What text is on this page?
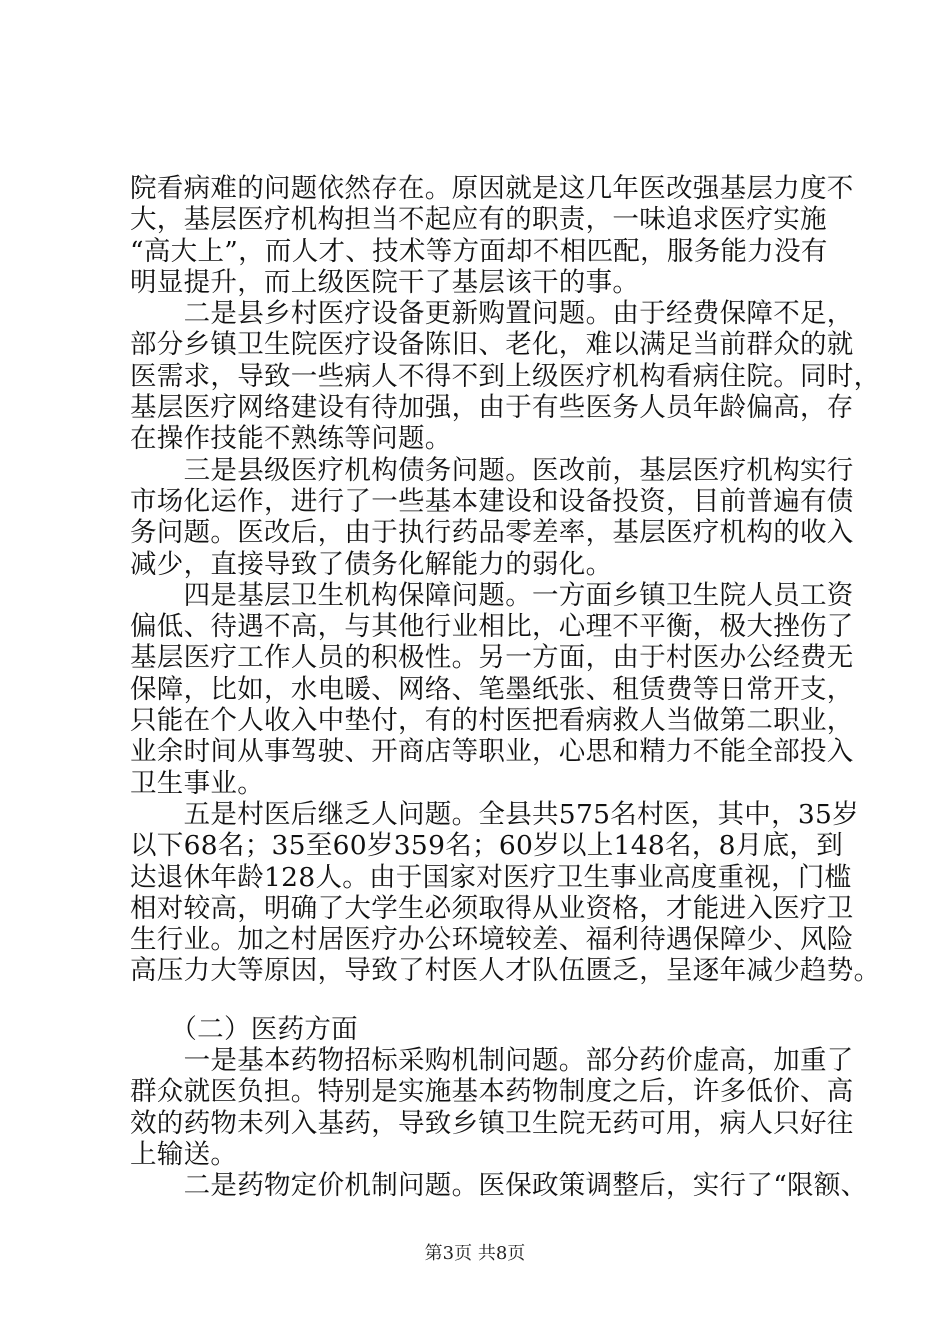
院看病难的问题依然存在。原因就是这几年医改强基层力度不
大，基层医疗机构担当不起应有的职责，一味追求医疗实施
“高大上”，而人才、技术等方面却不相匹配，服务能力没有
明显提升，而上级医院干了基层该干的事。
　　二是县乡村医疗设备更新购置问题。由于经费保障不足，
部分乡镇卫生院医疗设备陈旧、老化，难以满足当前群众的就
医需求，导致一些病人不得不到上级医疗机构看病住院。同时，
基层医疗网络建设有待加强，由于有些医务人员年龄偏高，存
在操作技能不熟练等问题。
　　三是县级医疗机构债务问题。医改前，基层医疗机构实行
市场化运作，进行了一些基本建设和设备投资，目前普遍有债
务问题。医改后，由于执行药品零差率，基层医疗机构的收入
减少，直接导致了债务化解能力的弱化。
　　四是基层卫生机构保障问题。一方面乡镇卫生院人员工资
偏低、待遇不高，与其他行业相比，心理不平衡，极大挫伤了
基层医疗工作人员的积极性。另一方面，由于村医办公经费无
保障，比如，水电暖、网络、笔墨纸张、租赁费等日常开支，
只能在个人收入中垫付，有的村医把看病救人当做第二职业，
业余时间从事驾驶、开商店等职业，心思和精力不能全部投入
卫生事业。
　　五是村医后继乏人问题。全县共575名村医，其中，35岁
以下68名；35至60岁359名；60岁以上148名，8月底，到
达退休年龄128人。由于国家对医疗卫生事业高度重视，门槛
相对较高，明确了大学生必须取得从业资格，才能进入医疗卫
生行业。加之村居医疗办公环境较差、福利待遇保障少、风险
高压力大等原因，导致了村医人才队伍匮乏，呈逐年减少趋势。
　　（二）医药方面
　　一是基本药物招标采购机制问题。部分药价虚高，加重了
群众就医负担。特别是实施基本药物制度之后，许多低价、高
效的药物未列入基药，导致乡镇卫生院无药可用，病人只好往
上输送。
　　二是药物定价机制问题。医保政策调整后，实行了“限额、
第3页 共8页
